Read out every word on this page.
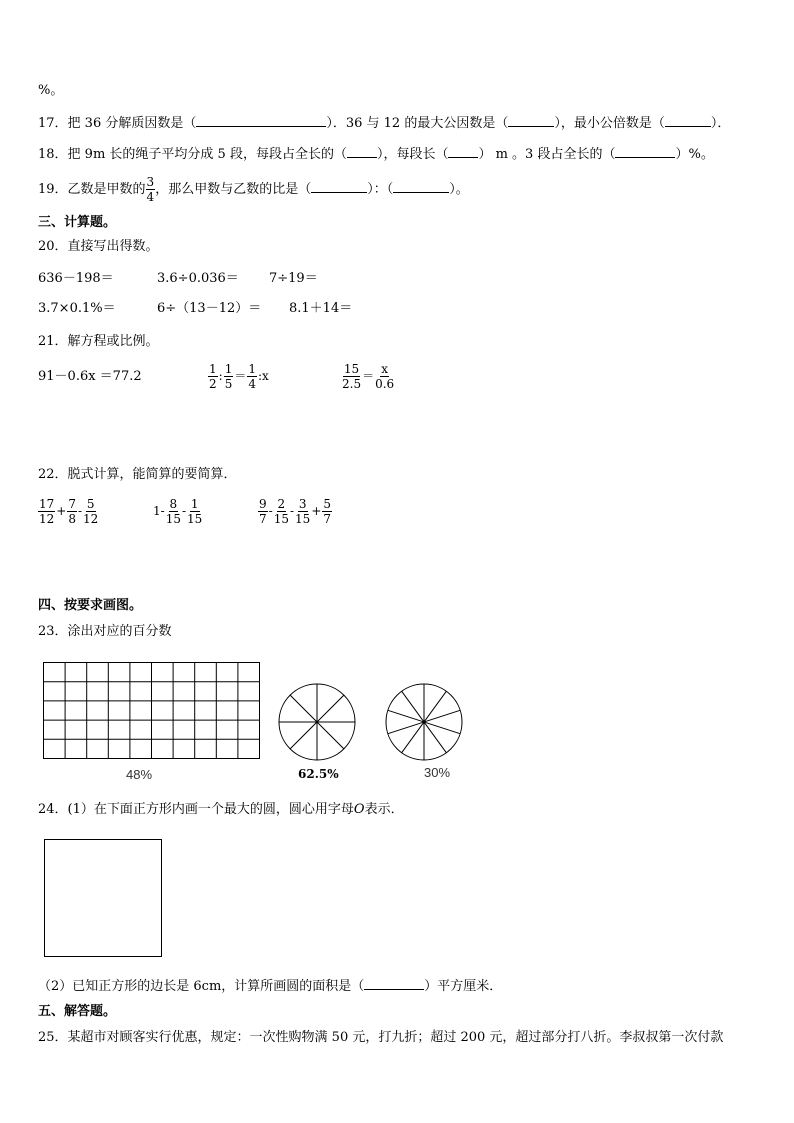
%。
17．把 36 分解质因数是（	）．36 与 12 的最大公因数是（	），最小公倍数是（	）．
18．把 9m 长的绳子平均分成 5 段，每段占全长的（ ），每段长（ ） m 。3 段占全长的（	）%。
19．乙数是甲数的 $\frac{3}{4}$ ，那么甲数与乙数的比是（	）：（	）。
三、计算题。
20．直接写出得数。
636－198＝	3.6÷0.036＝ 7÷19＝
3.7×0.1%＝	6÷（13－12）＝ 8.1＋14＝
21．解方程或比例。
91－0.6x ＝77.2	$\frac{1}{2}$ : $\frac{1}{5} = \frac{1}{4}$ :x	$\frac{15}{2.5} = \frac{x}{0.6}$
22．脱式计算，能简算的要简算．
$\frac{17}{12} + \frac{7}{8} - \frac{5}{12}$	$1- \frac{8}{15} - \frac{1}{15}$	$\frac{9}{7} - \frac{2}{15} - \frac{3}{15} + \frac{5}{7}$
四、按要求画图。
23．涂出对应的百分数
48%	62.5%	30%
24．(1）在下面正方形内画一个最大的圆，圆心用字母O表示．
（2）已知正方形的边长是 6cm，计算所画圆的面积是（	）平方厘米．
五、解答题。
25．某超市对顾客实行优惠，规定：一次性购物满 50 元，打九折；超过 200 元，超过部分打八折。李叔叔第一次付款
